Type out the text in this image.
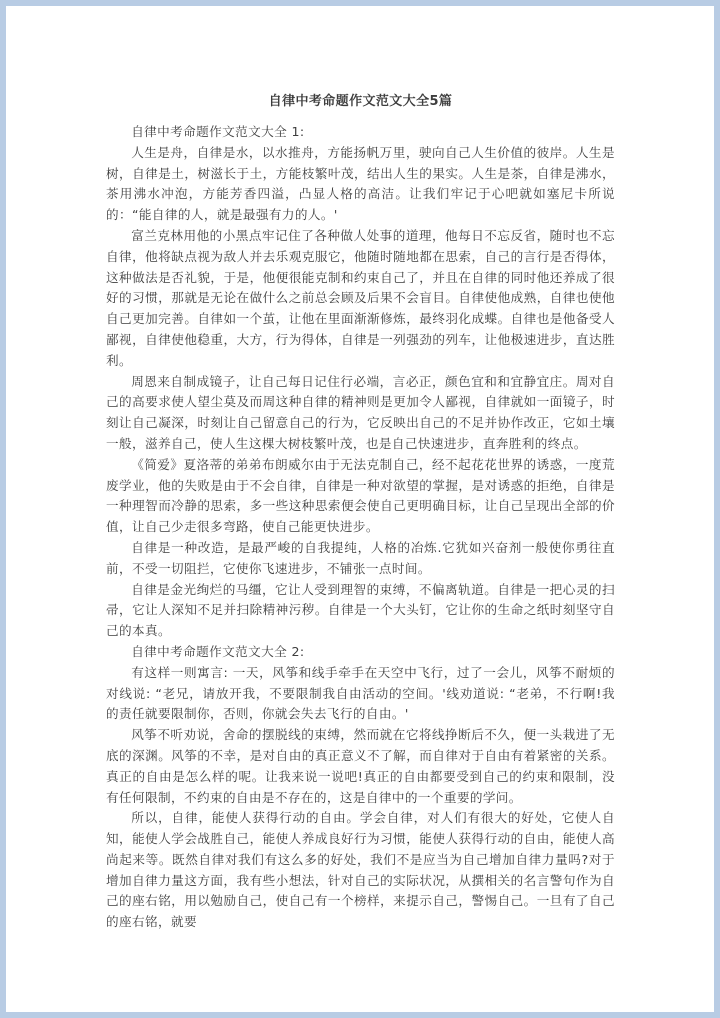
自律中考命题作文范文大全5篇

自律中考命题作文范文大全 1:

人生是舟，自律是水，以水推舟，方能扬帆万里，驶向自己人生价值的彼岸。人生是树，自律是土，树滋长于土，方能枝繁叶茂，结出人生的果实。人生是茶，自律是沸水，茶用沸水冲泡，方能芳香四溢，凸显人格的高洁。让我们牢记于心吧就如塞尼卡所说的：“能自律的人，就是最强有力的人。'

富兰克林用他的小黑点牢记住了各种做人处事的道理，他每日不忘反省，随时也不忘自律，他将缺点视为敌人并去乐观克服它，他随时随地都在思索，自己的言行是否得体，这种做法是否礼貌，于是，他便很能克制和约束自己了，并且在自律的同时他还养成了很好的习惯，那就是无论在做什么之前总会顾及后果不会盲目。自律使他成熟，自律也使他自己更加完善。自律如一个茧，让他在里面渐渐修炼，最终羽化成蝶。自律也是他备受人鄙视，自律使他稳重，大方，行为得体，自律是一列强劲的列车，让他极速进步，直达胜利。

周恩来自制成镜子，让自己每日记住行必端，言必正，颜色宜和和宜静宜庄。周对自己的高要求使人望尘莫及而周这种自律的精神则是更加令人鄙视，自律就如一面镜子，时刻让自己凝深，时刻让自己留意自己的行为，它反映出自己的不足并协作改正，它如土壤一般，滋养自己，使人生这棵大树枝繁叶茂，也是自己快速进步，直奔胜利的终点。

《简爱》夏洛蒂的弟弟布朗威尔由于无法克制自己，经不起花花世界的诱惑，一度荒废学业，他的失败是由于不会自律，自律是一种对欲望的掌握，是对诱惑的拒绝，自律是一种理智而冷静的思索，多一些这种思索便会使自己更明确目标，让自己呈现出全部的价值，让自己少走很多弯路，使自己能更快进步。

自律是一种改造，是最严峻的自我提纯，人格的冶炼.它犹如兴奋剂一般使你勇往直前，不受一切阻拦，它使你飞速进步，不铺张一点时间。

自律是金光绚烂的马缰，它让人受到理智的束缚，不偏离轨道。自律是一把心灵的扫帚，它让人深知不足并扫除精神污秽。自律是一个大头钉，它让你的生命之纸时刻坚守自己的本真。

自律中考命题作文范文大全 2:

有这样一则寓言: 一天，风筝和线手牵手在天空中飞行，过了一会儿，风筝不耐烦的对线说: “老兄，请放开我，不要限制我自由活动的空间。'线劝道说: “老弟，不行啊!我的责任就要限制你，否则，你就会失去飞行的自由。'

风筝不听劝说，舍命的摆脱线的束缚，然而就在它将线挣断后不久，便一头栽进了无底的深渊。风筝的不幸，是对自由的真正意义不了解，而自律对于自由有着紧密的关系。真正的自由是怎么样的呢。让我来说一说吧!真正的自由都要受到自己的约束和限制，没有任何限制，不约束的自由是不存在的，这是自律中的一个重要的学问。

所以，自律，能使人获得行动的自由。学会自律，对人们有很大的好处，它使人自知，能使人学会战胜自己，能使人养成良好行为习惯，能使人获得行动的自由，能使人高尚起来等。既然自律对我们有这么多的好处，我们不是应当为自己增加自律力量吗?对于增加自律力量这方面，我有些小想法，针对自己的实际状况，从撰相关的名言警句作为自己的座右铭，用以勉励自己，使自己有一个榜样，来提示自己，警惕自己。一旦有了自己的座右铭，就要
